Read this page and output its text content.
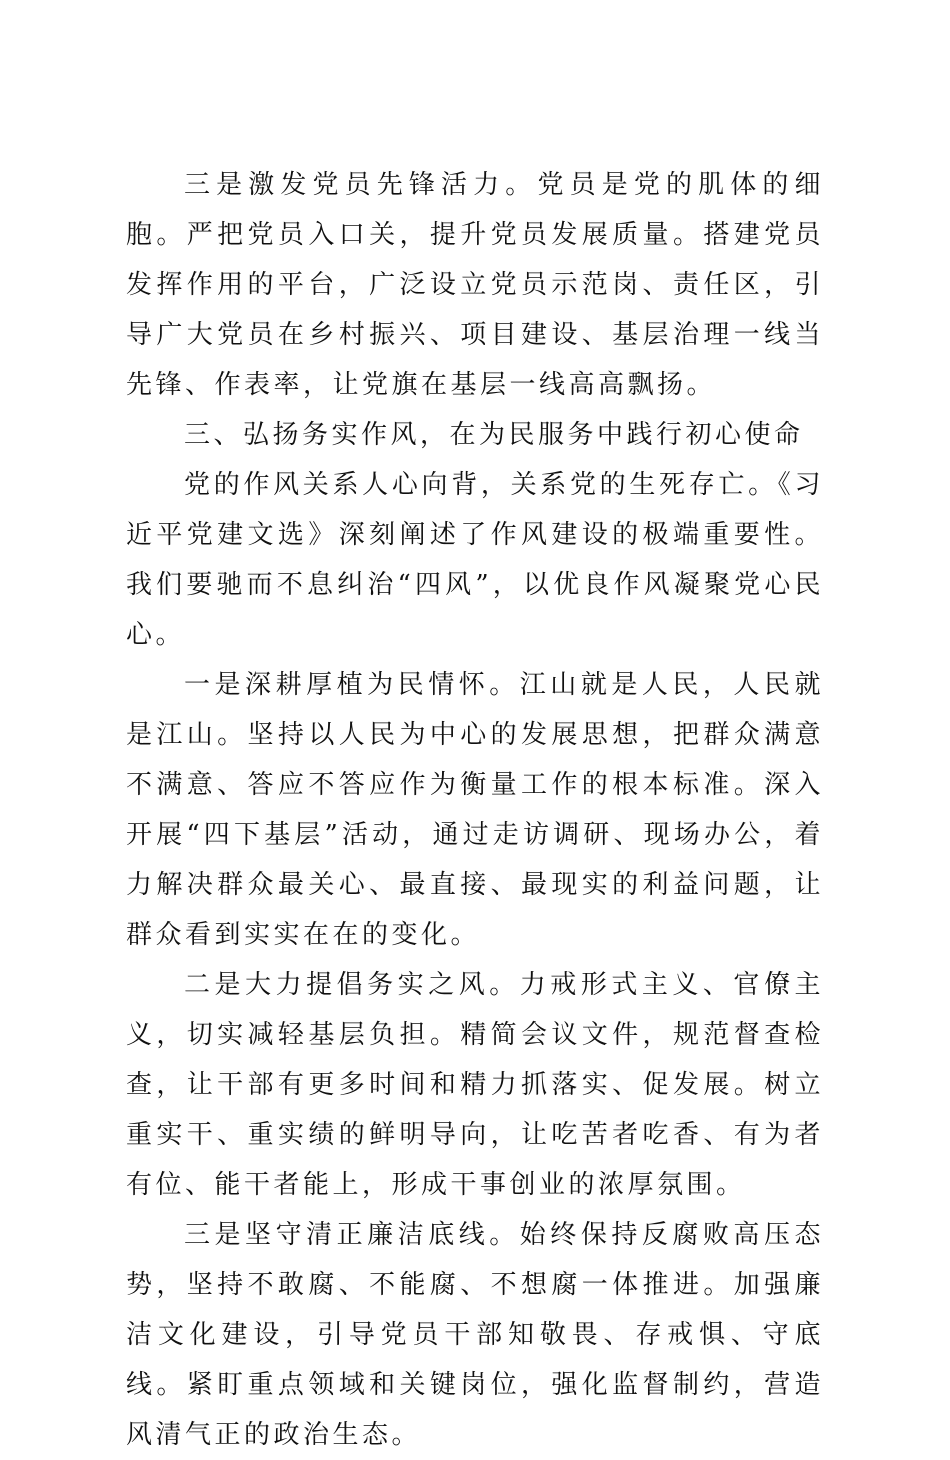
三是激发党员先锋活力。党员是党的肌体的细胞。严把党员入口关，提升党员发展质量。搭建党员发挥作用的平台，广泛设立党员示范岗、责任区，引导广大党员在乡村振兴、项目建设、基层治理一线当先锋、作表率，让党旗在基层一线高高飘扬。

三、弘扬务实作风，在为民服务中践行初心使命

党的作风关系人心向背，关系党的生死存亡。《习近平党建文选》深刻阐述了作风建设的极端重要性。我们要驰而不息纠治“四风”，以优良作风凝聚党心民心。

一是深耕厚植为民情怀。江山就是人民，人民就是江山。坚持以人民为中心的发展思想，把群众满意不满意、答应不答应作为衡量工作的根本标准。深入开展“四下基层”活动，通过走访调研、现场办公，着力解决群众最关心、最直接、最现实的利益问题，让群众看到实实在在的变化。

二是大力提倡务实之风。力戒形式主义、官僚主义，切实减轻基层负担。精简会议文件，规范督查检查，让干部有更多时间和精力抓落实、促发展。树立重实干、重实绩的鲜明导向，让吃苦者吃香、有为者有位、能干者能上，形成干事创业的浓厚氛围。

三是坚守清正廉洁底线。始终保持反腐败高压态势，坚持不敢腐、不能腐、不想腐一体推进。加强廉洁文化建设，引导党员干部知敬畏、存戒惧、守底线。紧盯重点领域和关键岗位，强化监督制约，营造风清气正的政治生态。
